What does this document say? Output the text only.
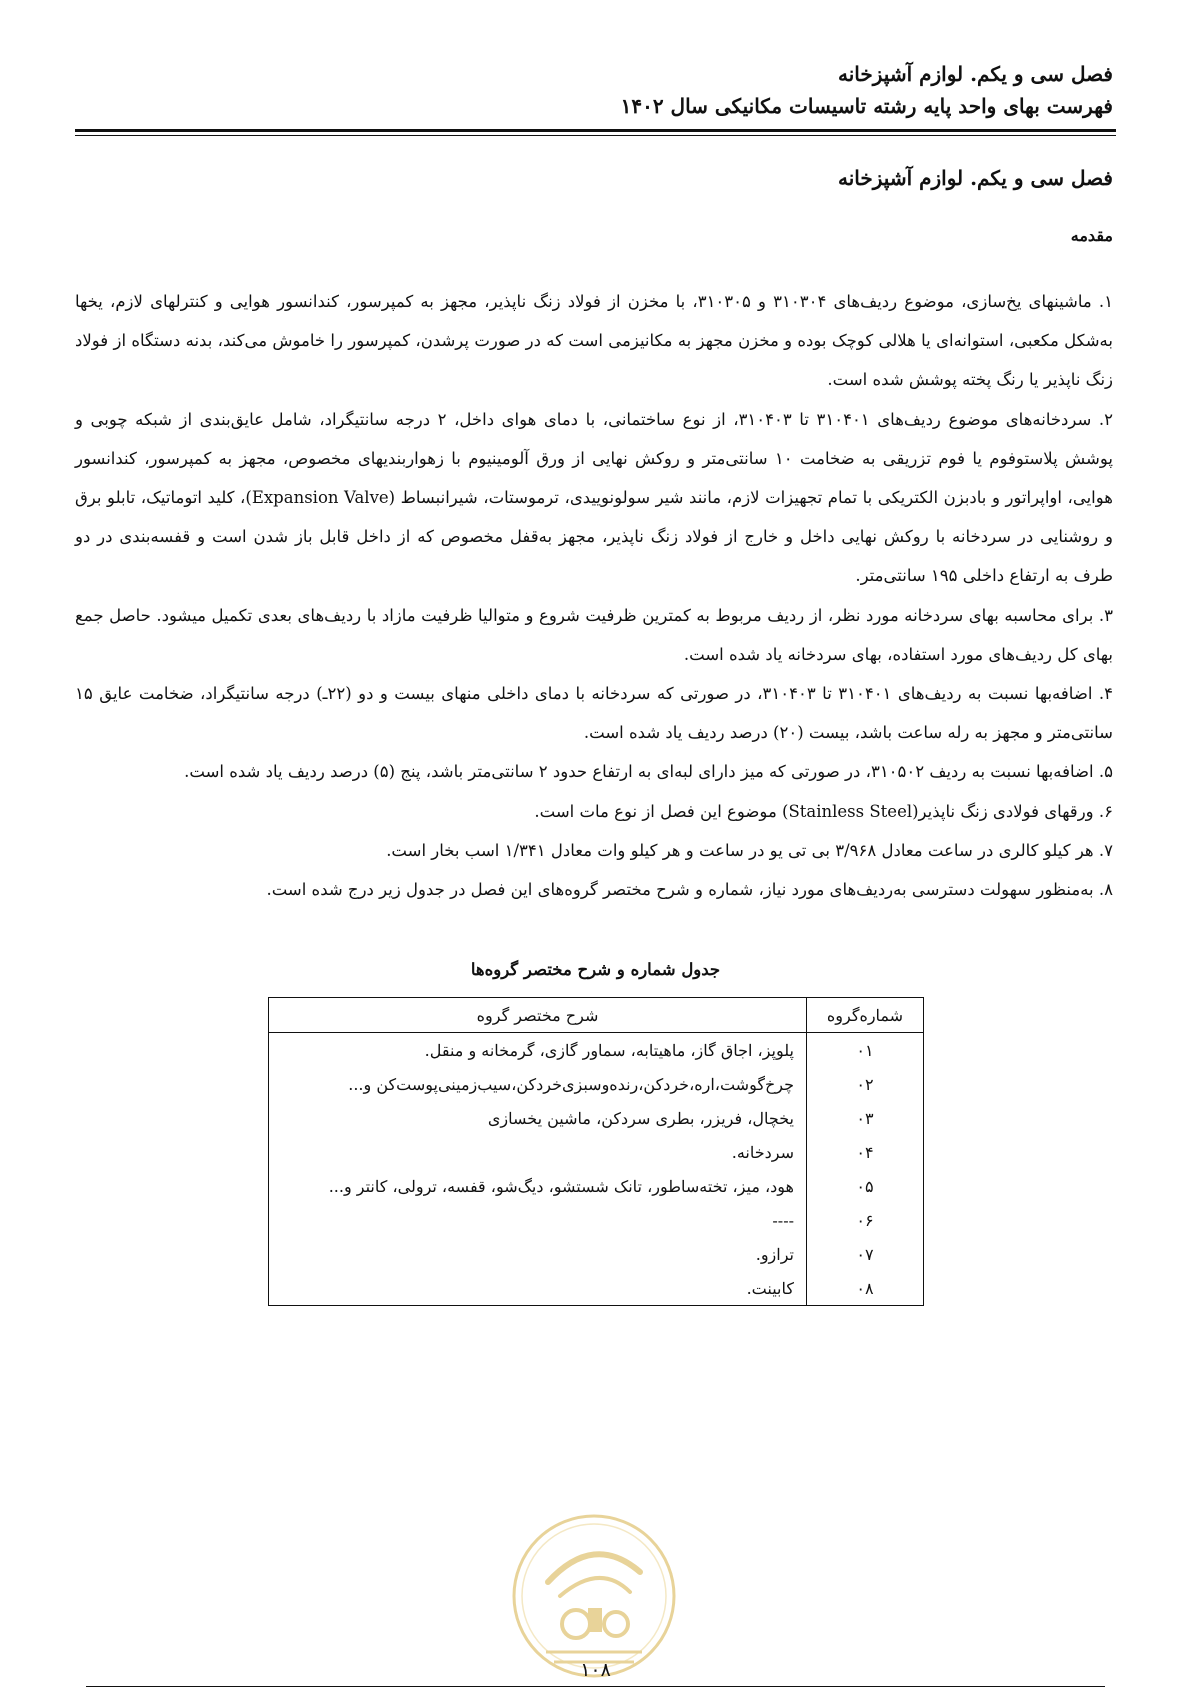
فصل سی و یکم. لوازم آشپزخانه

فهرست بهای واحد پایه رشته تاسیسات مکانیکی سال ۱۴۰۲

فصل سی و یکم. لوازم آشپزخانه
مقدمه

۱. ماشینهای یخ‌سازی، موضوع ردیف‌های ۳۱۰۳۰۴ و ۳۱۰۳۰۵، با مخزن از فولاد زنگ ناپذیر، مجهز به کمپرسور، کندانسور هوایی و کنترلهای لازم، یخها به‌شکل مکعبی، استوانه‌ای یا هلالی کوچک بوده و مخزن مجهز به مکانیزمی است که در صورت پرشدن، کمپرسور را خاموش می‌کند، بدنه دستگاه از فولاد زنگ ناپذیر یا رنگ پخته پوشش شده است.

۲. سردخانه‌های موضوع ردیف‌های ۳۱۰۴۰۱ تا ۳۱۰۴۰۳، از نوع ساختمانی، با دمای هوای داخل، ۲ درجه سانتیگراد، شامل عایق‌بندی از شبکه چوبی و پوشش پلاستوفوم یا فوم تزریقی به ضخامت ۱۰ سانتی‌متر و روکش نهایی از ورق آلومینیوم با زهواربندیهای مخصوص، مجهز به کمپرسور، کندانسور هوایی، اواپراتور و بادبزن الکتریکی با تمام تجهیزات لازم، مانند شیر سولونوییدی، ترموستات، شیرانبساط (Expansion Valve)، کلید اتوماتیک، تابلو برق و روشنایی در سردخانه با روکش نهایی داخل و خارج از فولاد زنگ ناپذیر، مجهز به‌قفل مخصوص که از داخل قابل باز شدن است و قفسه‌بندی در دو طرف به ارتفاع داخلی ۱۹۵ سانتی‌متر.

۳. برای محاسبه بهای سردخانه مورد نظر، از ردیف مربوط به کمترین ظرفیت شروع و متوالیا ظرفیت مازاد با ردیف‌های بعدی تکمیل میشود. حاصل جمع بهای کل ردیف‌های مورد استفاده، بهای سردخانه یاد شده است.

۴. اضافه‌بها نسبت به ردیف‌های ۳۱۰۴۰۱ تا ۳۱۰۴۰۳، در صورتی که سردخانه با دمای داخلی منهای بیست و دو (۲۲ـ) درجه سانتیگراد، ضخامت عایق ۱۵ سانتی‌متر و مجهز به رله ساعت باشد، بیست (۲۰) درصد ردیف یاد شده است.

۵. اضافه‌بها نسبت به ردیف ۳۱۰۵۰۲، در صورتی که میز دارای لبه‌ای به ارتفاع حدود ۲ سانتی‌متر باشد، پنج (۵) درصد ردیف یاد شده است.

۶. ورقهای فولادی زنگ ناپذیر(Stainless Steel) موضوع این فصل از نوع مات است.

۷. هر کیلو کالری در ساعت معادل ۳/۹۶۸ بی تی یو در ساعت و هر کیلو وات معادل ۱/۳۴۱ اسب بخار است.

۸. به‌منظور سهولت دسترسی به‌ردیف‌های مورد نیاز، شماره و شرح مختصر گروه‌های این فصل در جدول زیر درج شده است.

جدول شماره و شرح مختصر گروه‌ها

شماره‌گروه	شرح مختصر گروه
۰۱	پلوپز، اجاق گاز، ماهیتابه، سماور گازی، گرمخانه و منقل.
۰۲	چرخ‌گوشت،اره،خردکن،رنده‌وسبزی‌خردکن،سیب‌زمینی‌پوست‌کن و...
۰۳	یخچال، فریزر، بطری سردکن، ماشین یخسازی
۰۴	سردخانه.
۰۵	هود، میز، تخته‌ساطور، تانک شستشو، دیگ‌شو، قفسه، ترولی، کانتر و...
۰۶	----
۰۷	ترازو.
۰۸	کابینت.

۱۰۸
